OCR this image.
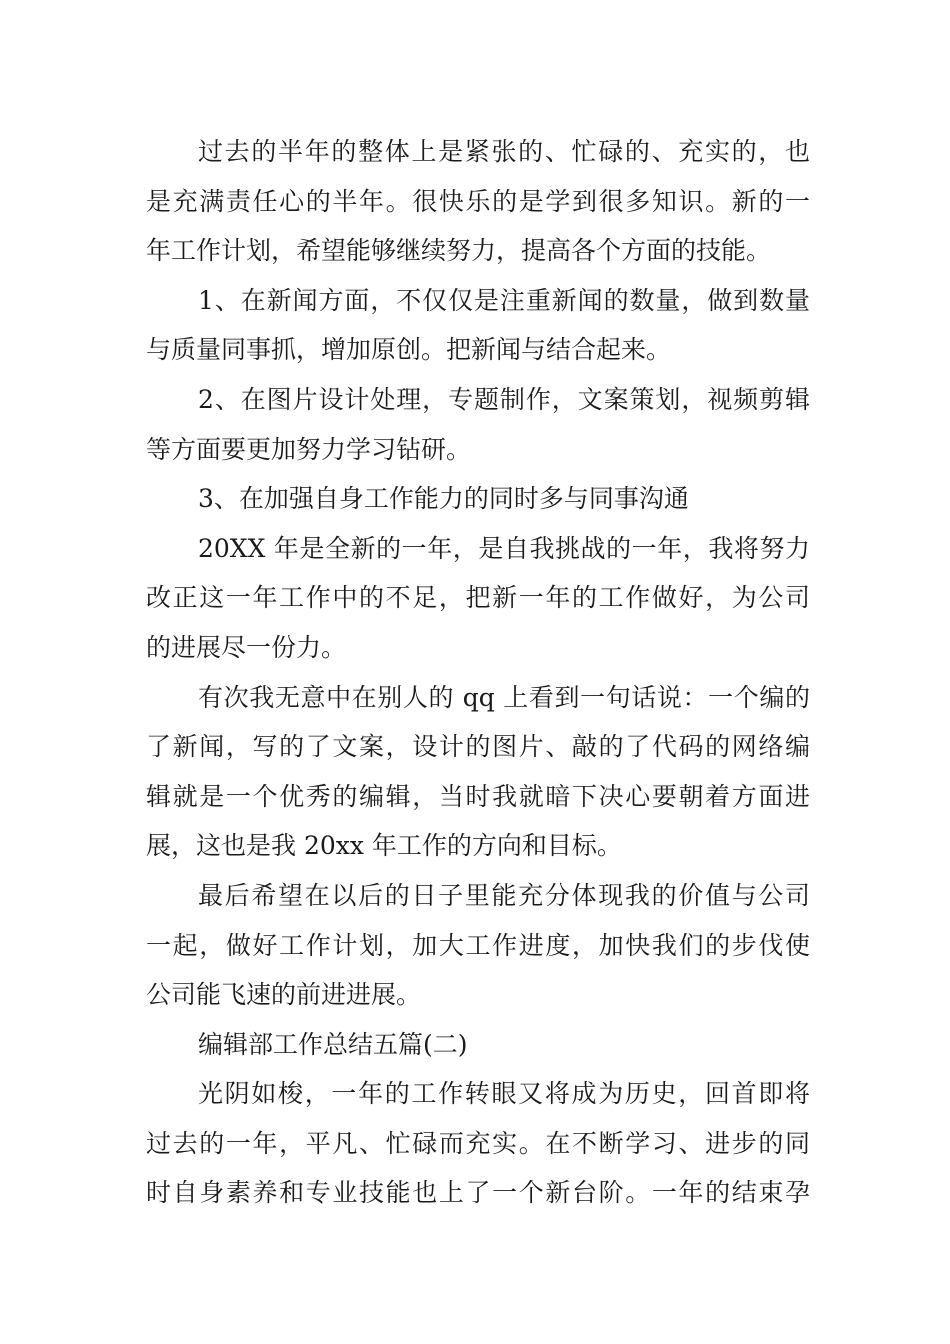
过去的半年的整体上是紧张的、忙碌的、充实的，也
是充满责任心的半年。很快乐的是学到很多知识。新的一
年工作计划，希望能够继续努力，提高各个方面的技能。
1、在新闻方面，不仅仅是注重新闻的数量，做到数量
与质量同事抓，增加原创。把新闻与结合起来。
2、在图片设计处理，专题制作，文案策划，视频剪辑
等方面要更加努力学习钻研。
3、在加强自身工作能力的同时多与同事沟通
20XX 年是全新的一年，是自我挑战的一年，我将努力
改正这一年工作中的不足，把新一年的工作做好，为公司
的进展尽一份力。
有次我无意中在别人的 qq 上看到一句话说：一个编的
了新闻，写的了文案，设计的图片、敲的了代码的网络编
辑就是一个优秀的编辑，当时我就暗下决心要朝着方面进
展，这也是我 20xx 年工作的方向和目标。
最后希望在以后的日子里能充分体现我的价值与公司
一起，做好工作计划，加大工作进度，加快我们的步伐使
公司能飞速的前进进展。
编辑部工作总结五篇(二)
光阴如梭，一年的工作转眼又将成为历史，回首即将
过去的一年，平凡、忙碌而充实。在不断学习、进步的同
时自身素养和专业技能也上了一个新台阶。一年的结束孕
